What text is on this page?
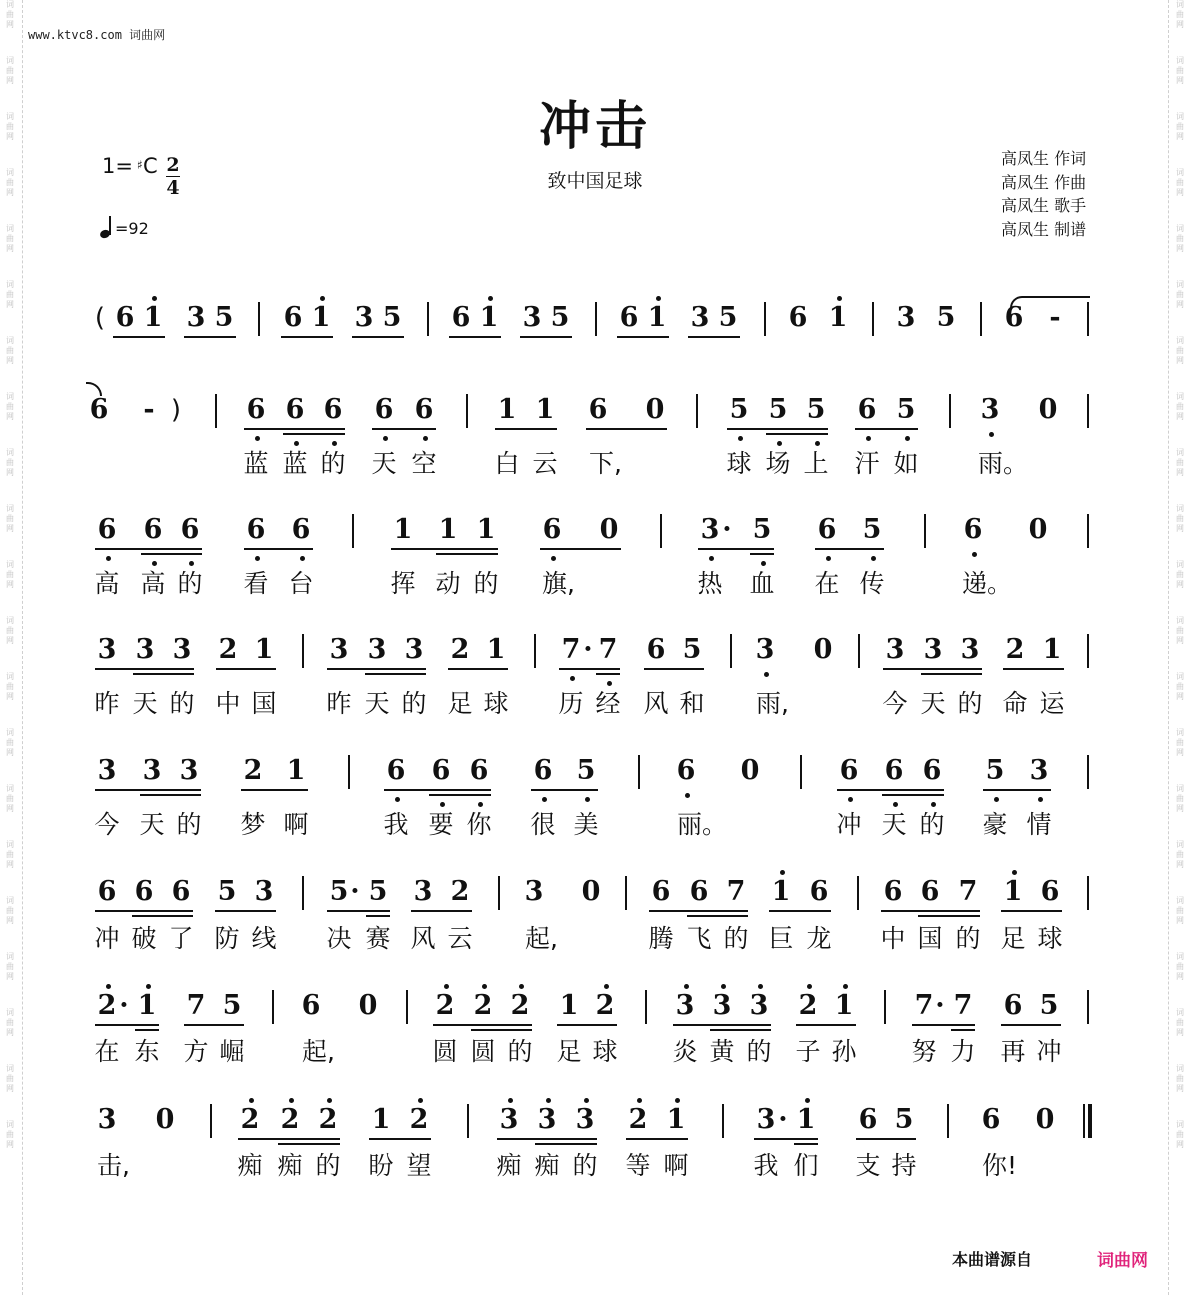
词
曲
网
词
曲
网
词
曲
网
词
曲
网
词
曲
网
词
曲
网
词
曲
网
词
曲
网
词
曲
网
词
曲
网
词
曲
网
词
曲
网
词
曲
网
词
曲
网
词
曲
网
词
曲
网
词
曲
网
词
曲
网
词
曲
网
词
曲
网
词
曲
网
词
曲
网
词
曲
网
词
曲
网
词
曲
网
词
曲
网
词
曲
网
词
曲
网
词
曲
网
词
曲
网
词
曲
网
词
曲
网
词
曲
网
词
曲
网
词
曲
网
词
曲
网
词
曲
网
词
曲
网
词
曲
网
词
曲
网
词
曲
网
词
曲
网
www.ktvc8.com 词曲网
冲击
致中国足球
1= C
♯ $\frac{2}{4}$
=92
高凤生 作词
高凤生 作曲
高凤生 歌手
高凤生 制谱
( 6 1 3 5 6 1 3 5 6 1 3 5 6 1 3 5 6 1 3 5 6 -
6 - ) 6 6 6 6 6 1 1 6 0 5 5 5 6 5 3 0
蓝 蓝 的 天 空 白 云 下,	球 场 上 汗 如 雨。
6 6 6 6 6	1 1 1 6 0	3 · 5 6 5	6 0
高 高 的 看 台	挥 动 的 旗,	热 血 在 传	递。
3 3 3 2 1 3 3 3 2 1 7 · 7 6 5 3 0 3 3 3 2 1
昨 天 的 中 国 昨 天 的 足 球 历 经 风 和 雨,	今 天 的 命 运
3 3 3 2 1	6 6 6 6 5	6 0	6 6 6 5 3
今 天 的 梦 啊	我 要 你 很 美	丽。	冲 天 的 豪 情
6 6 6 5 3 5 · 5 3 2 3 0 6 6 7 1 6 6 6 7 1 6
冲 破 了 防 线 决 赛 风 云 起,	腾 飞 的 巨 龙 中 国 的 足 球
2 · 1 7 5 6 0 2 2 2 1 2 3 3 3 2 1 7 · 7 6 5
在 东 方 崛 起,	圆 圆 的 足 球 炎 黄 的 子 孙 努 力 再 冲
3 0 2 2 2 1 2	3 3 3 2 1	3 · 1 6 5	6 0
击,	痴 痴 的 盼 望	痴 痴 的 等 啊	我 们 支 持	你!
本曲谱源自	词曲网
